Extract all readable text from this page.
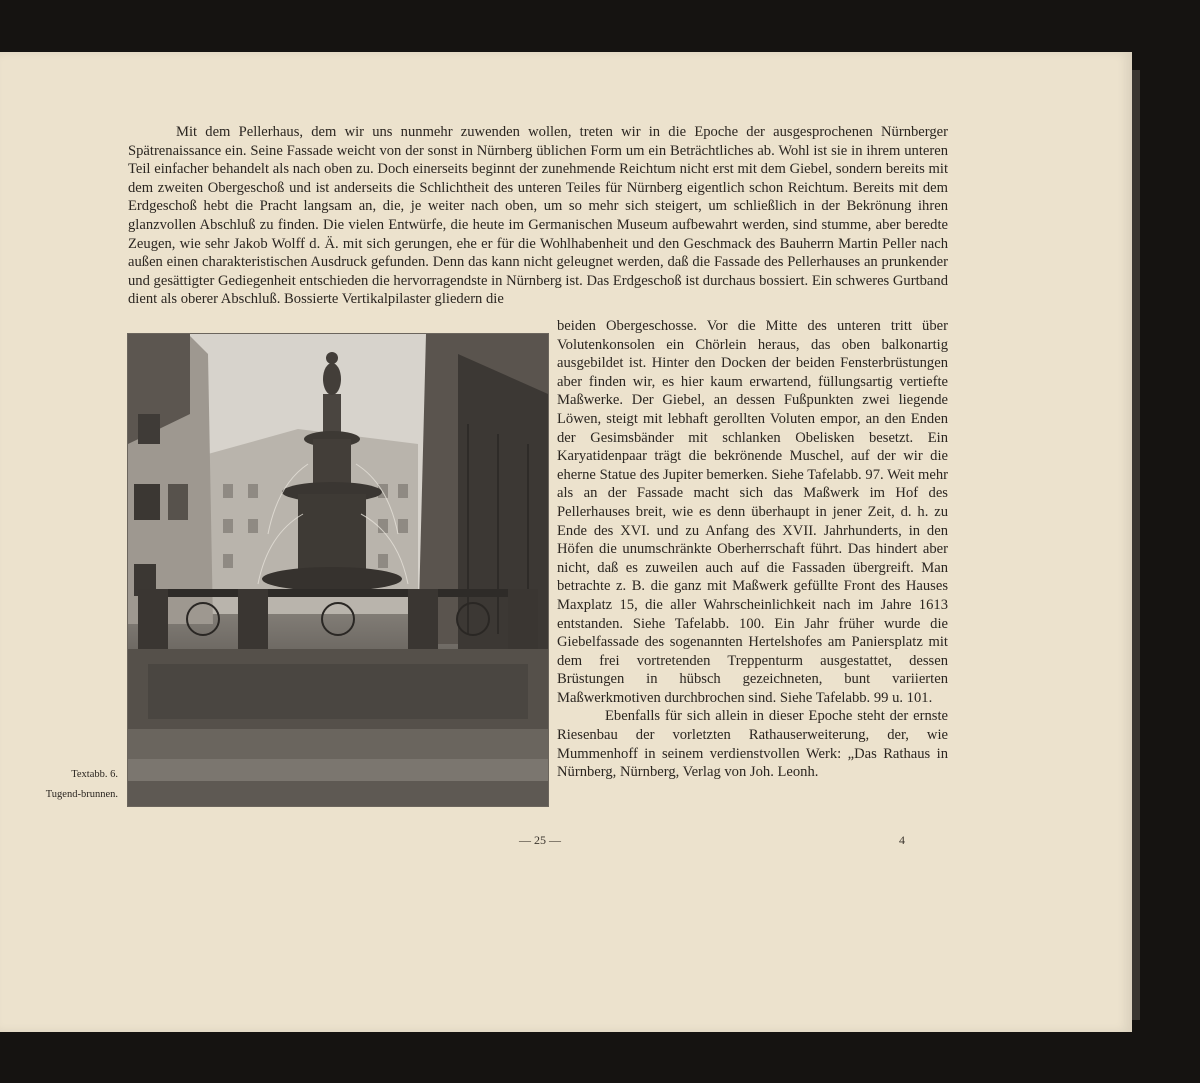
Mit dem Pellerhaus, dem wir uns nunmehr zuwenden wollen, treten wir in die Epoche der ausgesprochenen Nürnberger Spätrenaissance ein. Seine Fassade weicht von der sonst in Nürnberg üblichen Form um ein Beträchtliches ab. Wohl ist sie in ihrem unteren Teil einfacher behandelt als nach oben zu. Doch einerseits beginnt der zunehmende Reichtum nicht erst mit dem Giebel, sondern bereits mit dem zweiten Obergeschoß und ist anderseits die Schlichtheit des unteren Teiles für Nürnberg eigentlich schon Reichtum. Bereits mit dem Erdgeschoß hebt die Pracht langsam an, die, je weiter nach oben, um so mehr sich steigert, um schließlich in der Bekrönung ihren glanzvollen Abschluß zu finden. Die vielen Entwürfe, die heute im Germanischen Museum aufbewahrt werden, sind stumme, aber beredte Zeugen, wie sehr Jakob Wolff d. Ä. mit sich gerungen, ehe er für die Wohlhabenheit und den Geschmack des Bauherrn Martin Peller nach außen einen charakteristischen Ausdruck gefunden. Denn das kann nicht geleugnet werden, daß die Fassade des Pellerhauses an prunkender und gesättigter Gediegenheit entschieden die hervorragendste in Nürnberg ist. Das Erdgeschoß ist durchaus bossiert. Ein schweres Gurtband dient als oberer Abschluß. Bossierte Vertikalpilaster gliedern die

beiden Obergeschosse. Vor die Mitte des unteren tritt über Volutenkonsolen ein Chörlein heraus, das oben balkonartig ausgebildet ist. Hinter den Docken der beiden Fensterbrüstungen aber finden wir, es hier kaum erwartend, füllungsartig vertiefte Maßwerke. Der Giebel, an dessen Fußpunkten zwei liegende Löwen, steigt mit lebhaft gerollten Voluten empor, an den Enden der Gesimsbänder mit schlanken Obelisken besetzt. Ein Karyatidenpaar trägt die bekrönende Muschel, auf der wir die eherne Statue des Jupiter bemerken. Siehe Tafelabb. 97. Weit mehr als an der Fassade macht sich das Maßwerk im Hof des Pellerhauses breit, wie es denn überhaupt in jener Zeit, d. h. zu Ende des XVI. und zu Anfang des XVII. Jahrhunderts, in den Höfen die unumschränkte Oberherrschaft führt. Das hindert aber nicht, daß es zuweilen auch auf die Fassaden übergreift. Man betrachte z. B. die ganz mit Maßwerk gefüllte Front des Hauses Maxplatz 15, die aller Wahrscheinlichkeit nach im Jahre 1613 entstanden. Siehe Tafelabb. 100. Ein Jahr früher wurde die Giebelfassade des sogenannten Hertelshofes am Paniersplatz mit dem frei vortretenden Treppenturm ausgestattet, dessen Brüstungen in hübsch gezeichneten, bunt variierten Maßwerkmotiven durchbrochen sind. Siehe Tafelabb. 99 u. 101.

Ebenfalls für sich allein in dieser Epoche steht der ernste Riesenbau der vorletzten Rathauserweiterung, der, wie Mummenhoff in seinem verdienstvollen Werk: „Das Rathaus in Nürnberg, Nürnberg, Verlag von Joh. Leonh.

Textabb. 6.
Tugend-brunnen.
— 25 —	4
